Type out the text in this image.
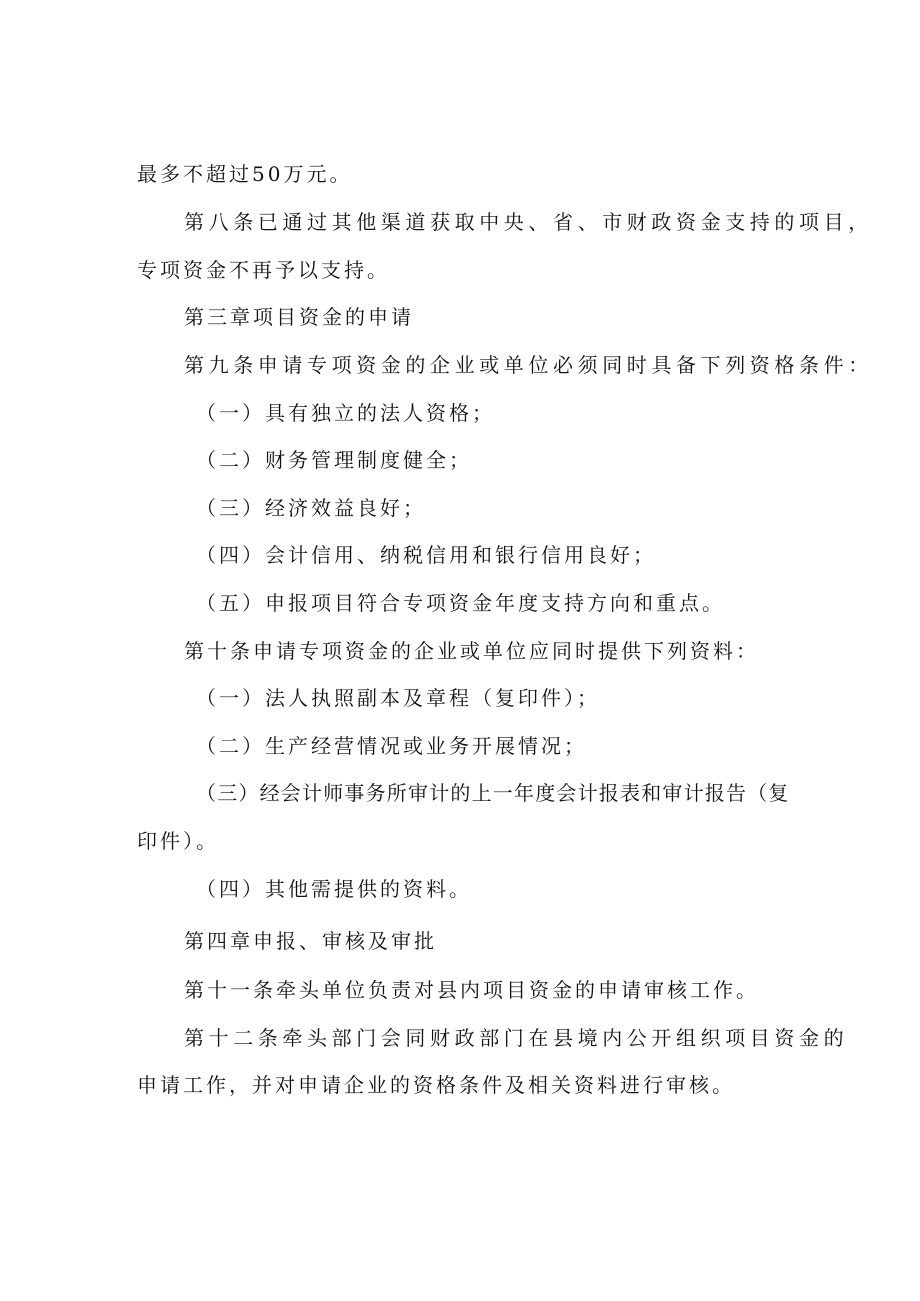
最多不超过50万元。
第八条已通过其他渠道获取中央、省、市财政资金支持的项目，
专项资金不再予以支持。
第三章项目资金的申请
第九条申请专项资金的企业或单位必须同时具备下列资格条件：
（一）具有独立的法人资格；
（二）财务管理制度健全；
（三）经济效益良好；
（四）会计信用、纳税信用和银行信用良好；
（五）申报项目符合专项资金年度支持方向和重点。
第十条申请专项资金的企业或单位应同时提供下列资料：
（一）法人执照副本及章程（复印件）；
（二）生产经营情况或业务开展情况；
（三）经会计师事务所审计的上一年度会计报表和审计报告（复
印件）。
（四）其他需提供的资料。
第四章申报、审核及审批
第十一条牵头单位负责对县内项目资金的申请审核工作。
第十二条牵头部门会同财政部门在县境内公开组织项目资金的
申请工作，并对申请企业的资格条件及相关资料进行审核。
